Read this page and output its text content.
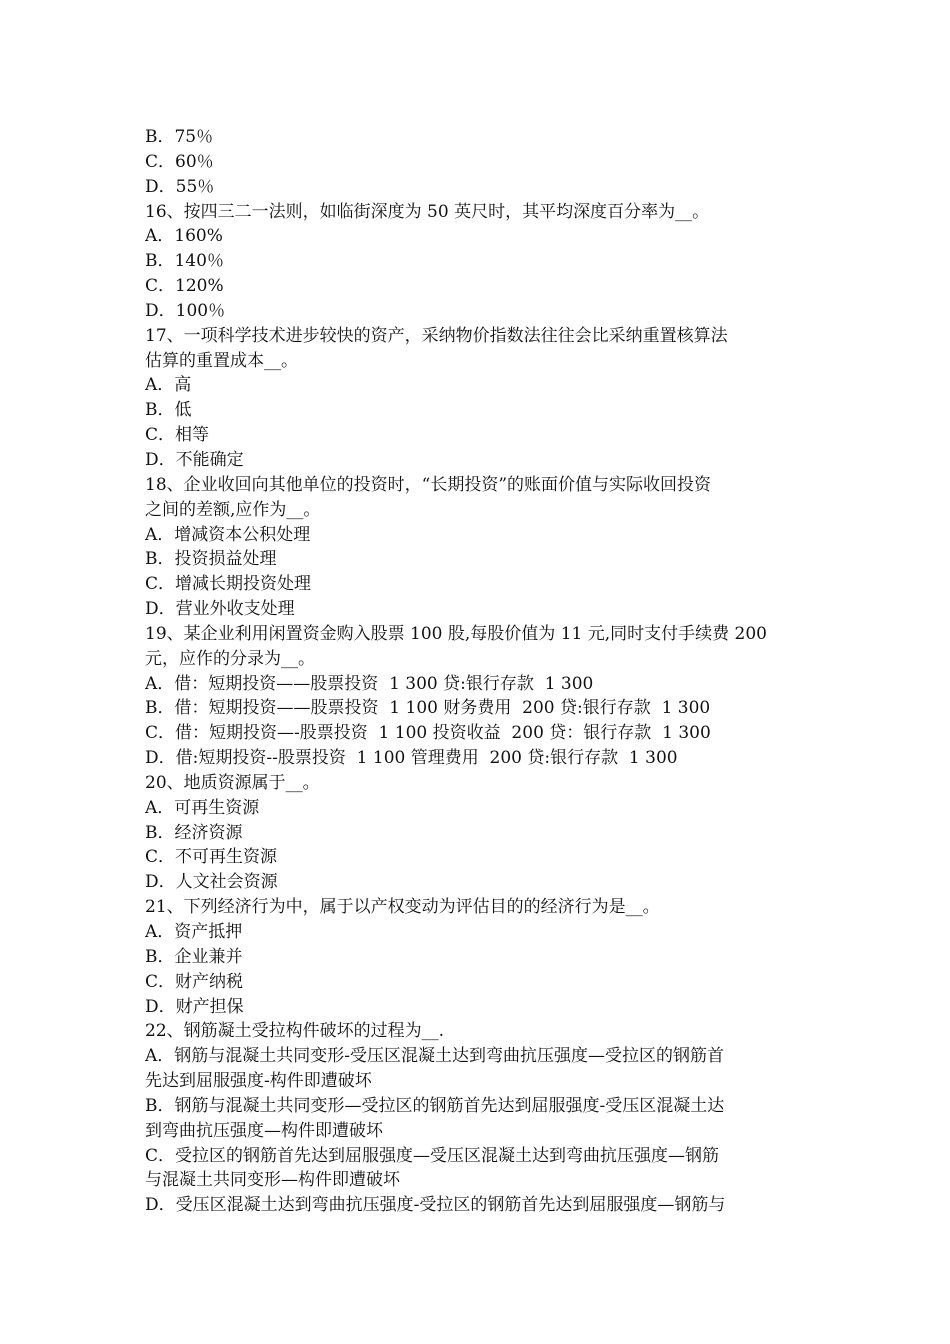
B．75％
C．60％
D．55％
16、按四三二一法则，如临街深度为 50 英尺时，其平均深度百分率为__。
A．160%
B．140％
C．120%
D．100％
17、一项科学技术进步较快的资产，采纳物价指数法往往会比采纳重置核算法
估算的重置成本__。
A．高
B．低
C．相等
D．不能确定
18、企业收回向其他单位的投资时，“长期投资”的账面价值与实际收回投资
之间的差额,应作为__。
A．增减资本公积处理
B．投资损益处理
C．增减长期投资处理
D．营业外收支处理
19、某企业利用闲置资金购入股票 100 股,每股价值为 11 元,同时支付手续费 200
元，应作的分录为__。
A．借：短期投资——股票投资  1 300 贷:银行存款  1 300
B．借：短期投资——股票投资  1 100 财务费用  200 贷:银行存款  1 300
C．借：短期投资—-股票投资  1 100 投资收益  200 贷：银行存款  1 300
D．借:短期投资--股票投资  1 100 管理费用  200 贷:银行存款  1 300
20、地质资源属于__。
A．可再生资源
B．经济资源
C．不可再生资源
D．人文社会资源
21、下列经济行为中，属于以产权变动为评估目的的经济行为是__。
A．资产抵押
B．企业兼并
C．财产纳税
D．财产担保
22、钢筋凝土受拉构件破坏的过程为__.
A．钢筋与混凝土共同变形-受压区混凝土达到弯曲抗压强度—受拉区的钢筋首
先达到屈服强度-构件即遭破坏
B．钢筋与混凝土共同变形—受拉区的钢筋首先达到屈服强度-受压区混凝土达
到弯曲抗压强度—构件即遭破坏
C．受拉区的钢筋首先达到屈服强度—受压区混凝土达到弯曲抗压强度—钢筋
与混凝土共同变形—构件即遭破坏
D．受压区混凝土达到弯曲抗压强度-受拉区的钢筋首先达到屈服强度—钢筋与
